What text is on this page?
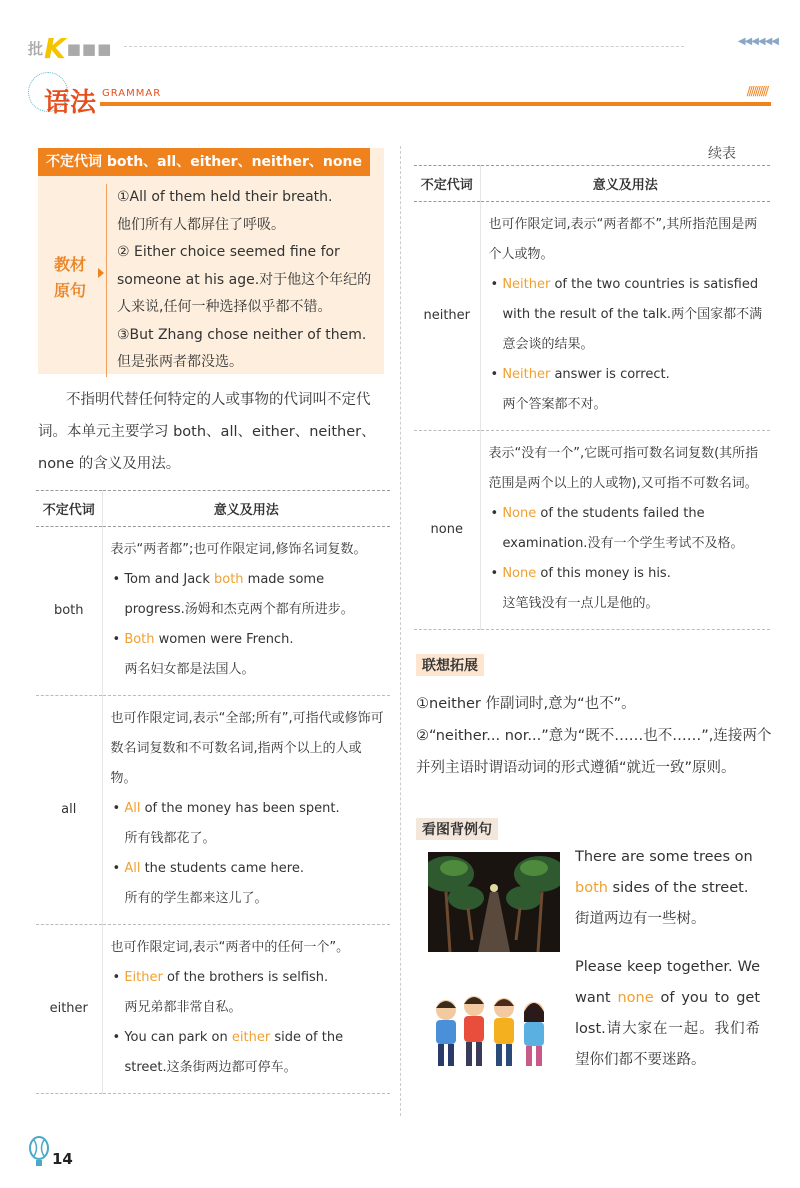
批K■■■	◀◀◀◀◀◀
语法 GRAMMAR	//////////
不定代词 both、all、either、neither、none
教材
原句
①All of them held their breath.
他们所有人都屏住了呼吸。
② Either choice seemed fine for someone at his age.对于他这个年纪的人来说,任何一种选择似乎都不错。
③But Zhang chose neither of them.
但是张两者都没选。
不指明代替任何特定的人或事物的代词叫不定代词。本单元主要学习 both、all、either、neither、none 的含义及用法。
不定代词	意义及用法
both	表示“两者都”;也可作限定词,修饰名词复数。
• Tom and Jack both made some progress.汤姆和杰克两个都有所进步。
• Both women were French.
两名妇女都是法国人。

all	也可作限定词,表示“全部;所有”,可指代或修饰可数名词复数和不可数名词,指两个以上的人或物。
• All of the money has been spent.
所有钱都花了。
• All the students came here.
所有的学生都来这儿了。

either	也可作限定词,表示“两者中的任何一个”。
• Either of the brothers is selfish.
两兄弟都非常自私。
• You can park on either side of the street.这条街两边都可停车。
续表
不定代词	意义及用法
neither	也可作限定词,表示“两者都不”,其所指范围是两个人或物。
• Neither of the two countries is satisfied with the result of the talk.两个国家都不满意会谈的结果。
• Neither answer is correct.
两个答案都不对。

none	表示“没有一个”,它既可指可数名词复数(其所指范围是两个以上的人或物),又可指不可数名词。
• None of the students failed the examination.没有一个学生考试不及格。
• None of this money is his.
这笔钱没有一点儿是他的。
联想拓展
①neither 作副词时,意为“也不”。
②“neither... nor...”意为“既不……也不……”,连接两个并列主语时谓语动词的形式遵循“就近一致”原则。
看图背例句
There are some trees on both sides of the street.
街道两边有一些树。
Please keep together. We want none of you to get lost.请大家在一起。我们希望你们都不要迷路。
14
